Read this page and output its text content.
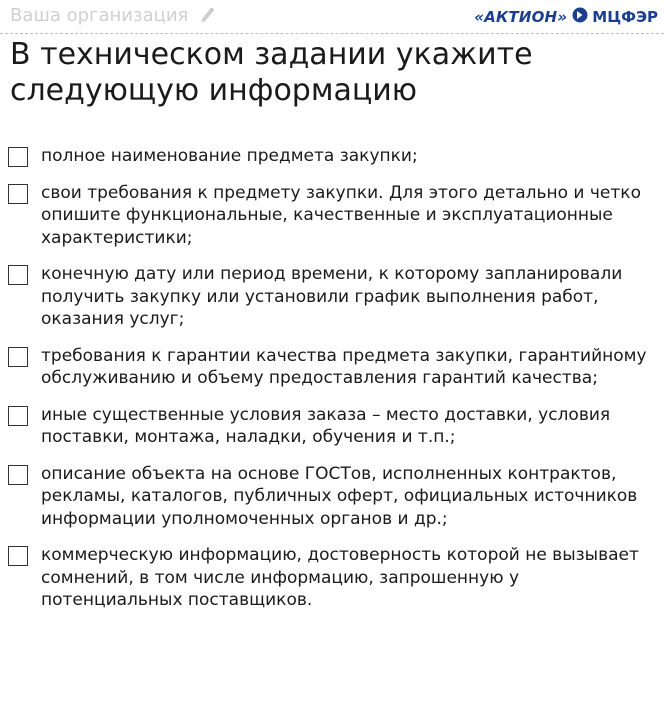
Ваша организация	«АКТИОН» МЦФЭР
В техническом задании укажите следующую информацию
полное наименование предмета закупки;
свои требования к предмету закупки. Для этого детально и четко опишите функциональные, качественные и эксплуатационные характеристики;
конечную дату или период времени, к которому запланировали получить закупку или установили график выполнения работ, оказания услуг;
требования к гарантии качества предмета закупки, гарантийному обслуживанию и объему предоставления гарантий качества;
иные существенные условия заказа – место доставки, условия поставки, монтажа, наладки, обучения и т.п.;
описание объекта на основе ГОСТов, исполненных контрактов, рекламы, каталогов, публичных оферт, официальных источников информации уполномоченных органов и др.;
коммерческую информацию, достоверность которой не вызывает сомнений, в том числе информацию, запрошенную у потенциальных поставщиков.
